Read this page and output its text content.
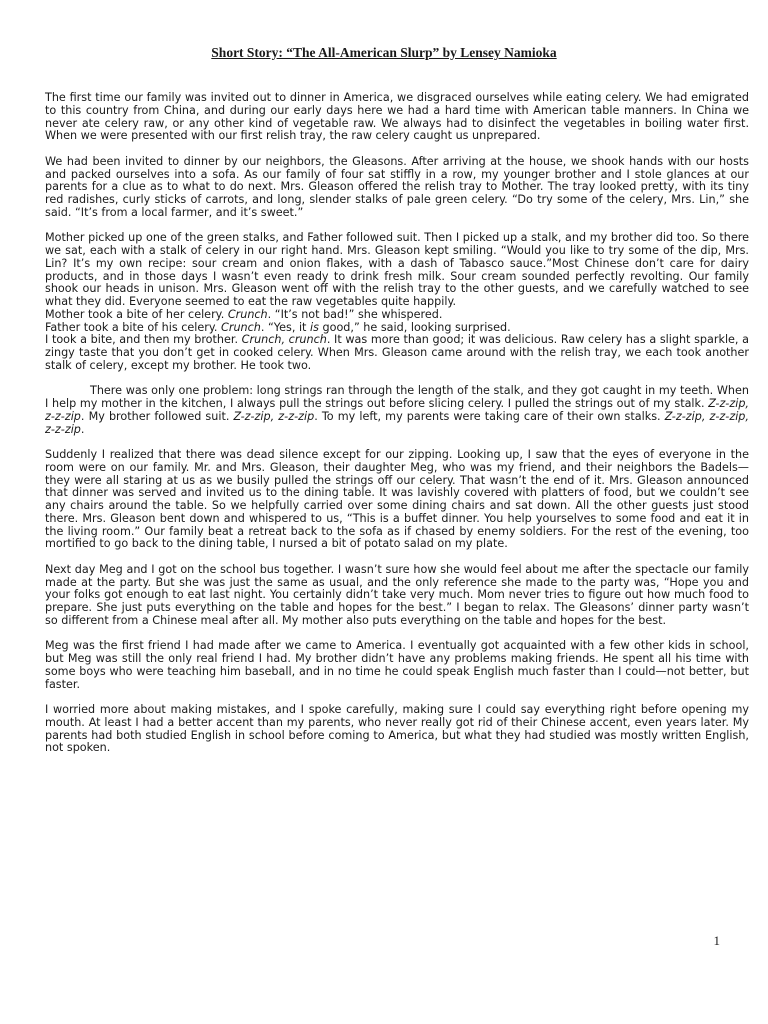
Short Story: “The All-American Slurp” by Lensey Namioka

The first time our family was invited out to dinner in America, we disgraced ourselves while eating celery. We had emigrated to this country from China, and during our early days here we had a hard time with American table manners. In China we never ate celery raw, or any other kind of vegetable raw. We always had to disinfect the vegetables in boiling water first. When we were presented with our first relish tray, the raw celery caught us unprepared.

We had been invited to dinner by our neighbors, the Gleasons. After arriving at the house, we shook hands with our hosts and packed ourselves into a sofa. As our family of four sat stiffly in a row, my younger brother and I stole glances at our parents for a clue as to what to do next. Mrs. Gleason offered the relish tray to Mother. The tray looked pretty, with its tiny red radishes, curly sticks of carrots, and long, slender stalks of pale green celery. “Do try some of the celery, Mrs. Lin,” she said. “It’s from a local farmer, and it’s sweet.”

Mother picked up one of the green stalks, and Father followed suit. Then I picked up a stalk, and my brother did too. So there we sat, each with a stalk of celery in our right hand. Mrs. Gleason kept smiling. “Would you like to try some of the dip, Mrs. Lin? It’s my own recipe: sour cream and onion flakes, with a dash of Tabasco sauce.”Most Chinese don’t care for dairy products, and in those days I wasn’t even ready to drink fresh milk. Sour cream sounded perfectly revolting. Our family shook our heads in unison. Mrs. Gleason went off with the relish tray to the other guests, and we carefully watched to see what they did. Everyone seemed to eat the raw vegetables quite happily.

Mother took a bite of her celery. Crunch. “It’s not bad!” she whispered.

Father took a bite of his celery. Crunch. “Yes, it is good,” he said, looking surprised.

I took a bite, and then my brother. Crunch, crunch. It was more than good; it was delicious. Raw celery has a slight sparkle, a zingy taste that you don’t get in cooked celery. When Mrs. Gleason came around with the relish tray, we each took another stalk of celery, except my brother. He took two.

There was only one problem: long strings ran through the length of the stalk, and they got caught in my teeth. When I help my mother in the kitchen, I always pull the strings out before slicing celery. I pulled the strings out of my stalk. Z-z-zip, z-z-zip. My brother followed suit. Z-z-zip, z-z-zip. To my left, my parents were taking care of their own stalks. Z-z-zip, z-z-zip, z-z-zip.

Suddenly I realized that there was dead silence except for our zipping. Looking up, I saw that the eyes of everyone in the room were on our family. Mr. and Mrs. Gleason, their daughter Meg, who was my friend, and their neighbors the Badels—they were all staring at us as we busily pulled the strings off our celery. That wasn’t the end of it. Mrs. Gleason announced that dinner was served and invited us to the dining table. It was lavishly covered with platters of food, but we couldn’t see any chairs around the table. So we helpfully carried over some dining chairs and sat down. All the other guests just stood there. Mrs. Gleason bent down and whispered to us, “This is a buffet dinner. You help yourselves to some food and eat it in the living room.” Our family beat a retreat back to the sofa as if chased by enemy soldiers. For the rest of the evening, too mortified to go back to the dining table, I nursed a bit of potato salad on my plate.

Next day Meg and I got on the school bus together. I wasn’t sure how she would feel about me after the spectacle our family made at the party. But she was just the same as usual, and the only reference she made to the party was, “Hope you and your folks got enough to eat last night. You certainly didn’t take very much. Mom never tries to figure out how much food to prepare. She just puts everything on the table and hopes for the best.” I began to relax. The Gleasons’ dinner party wasn’t so different from a Chinese meal after all. My mother also puts everything on the table and hopes for the best.

Meg was the first friend I had made after we came to America. I eventually got acquainted with a few other kids in school, but Meg was still the only real friend I had. My brother didn’t have any problems making friends. He spent all his time with some boys who were teaching him baseball, and in no time he could speak English much faster than I could—not better, but faster.

I worried more about making mistakes, and I spoke carefully, making sure I could say everything right before opening my mouth. At least I had a better accent than my parents, who never really got rid of their Chinese accent, even years later. My parents had both studied English in school before coming to America, but what they had studied was mostly written English, not spoken.

1
